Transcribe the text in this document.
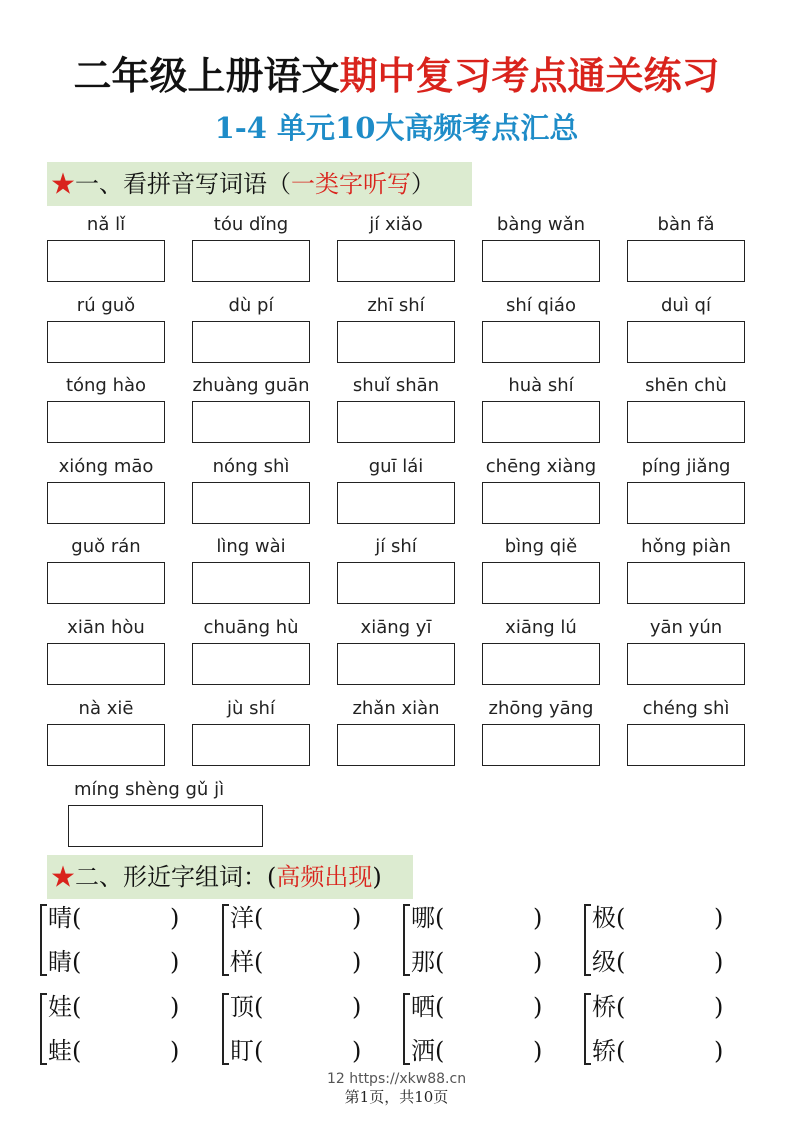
二年级上册语文期中复习考点通关练习
1-4 单元10大高频考点汇总
★一、看拼音写词语（一类字听写）
nǎ lǐ	tóu dǐng	jí xiǎo	bàng wǎn	bàn fǎ
rú guǒ	dù pí	zhī shí	shí qiáo	duì qí
tóng hào	zhuàng guān	shuǐ shān	huà shí	shēn chù
xióng māo	nóng shì	guī lái	chēng xiàng	píng jiǎng
guǒ rán	lìng wài	jí shí	bìng qiě	hǒng piàn
xiān hòu	chuāng hù	xiāng yī	xiāng lú	yān yún
nà xiē	jù shí	zhǎn xiàn	zhōng yāng	chéng shì
míng shèng gǔ jì
★二、形近字组词：(高频出现)
晴(	)
睛(	)
洋(	)
样(	)
哪(	)
那(	)
极(	)
级(	)
娃(	)
蛙(	)
顶(	)
盯(	)
晒(	)
洒(	)
桥(	)
轿(	)
12 https://xkw88.cn
第1页，共10页
